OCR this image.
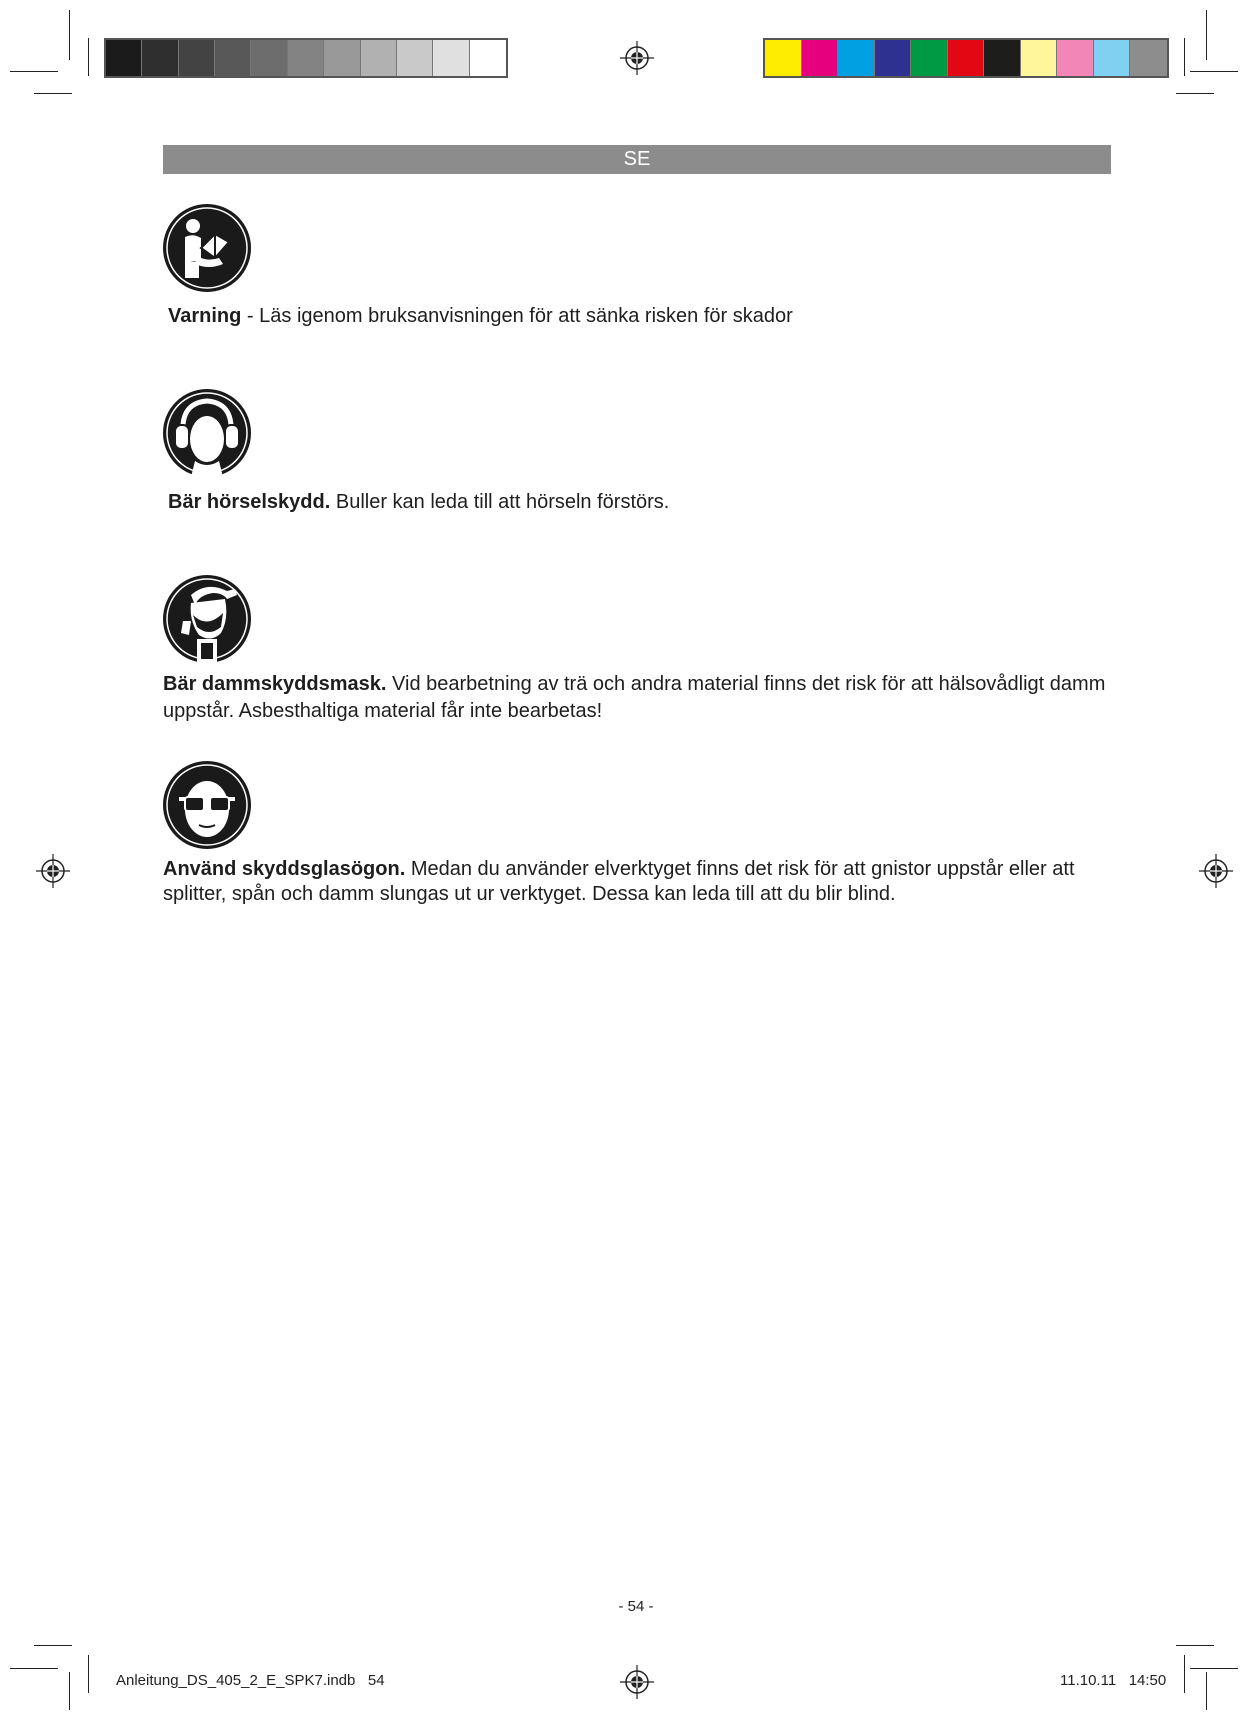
SE
Varning - Läs igenom bruksanvisningen för att sänka risken för skador
Bär hörselskydd. Buller kan leda till att hörseln förstörs.
Bär dammskyddsmask. Vid bearbetning av trä och andra material finns det risk för att hälsovådligt damm uppstår. Asbesthaltiga material får inte bearbetas!
Använd skyddsglasögon. Medan du använder elverktyget finns det risk för att gnistor uppstår eller att splitter, spån och damm slungas ut ur verktyget. Dessa kan leda till att du blir blind.
- 54 -
Anleitung_DS_405_2_E_SPK7.indb 54	11.10.11 14:50
